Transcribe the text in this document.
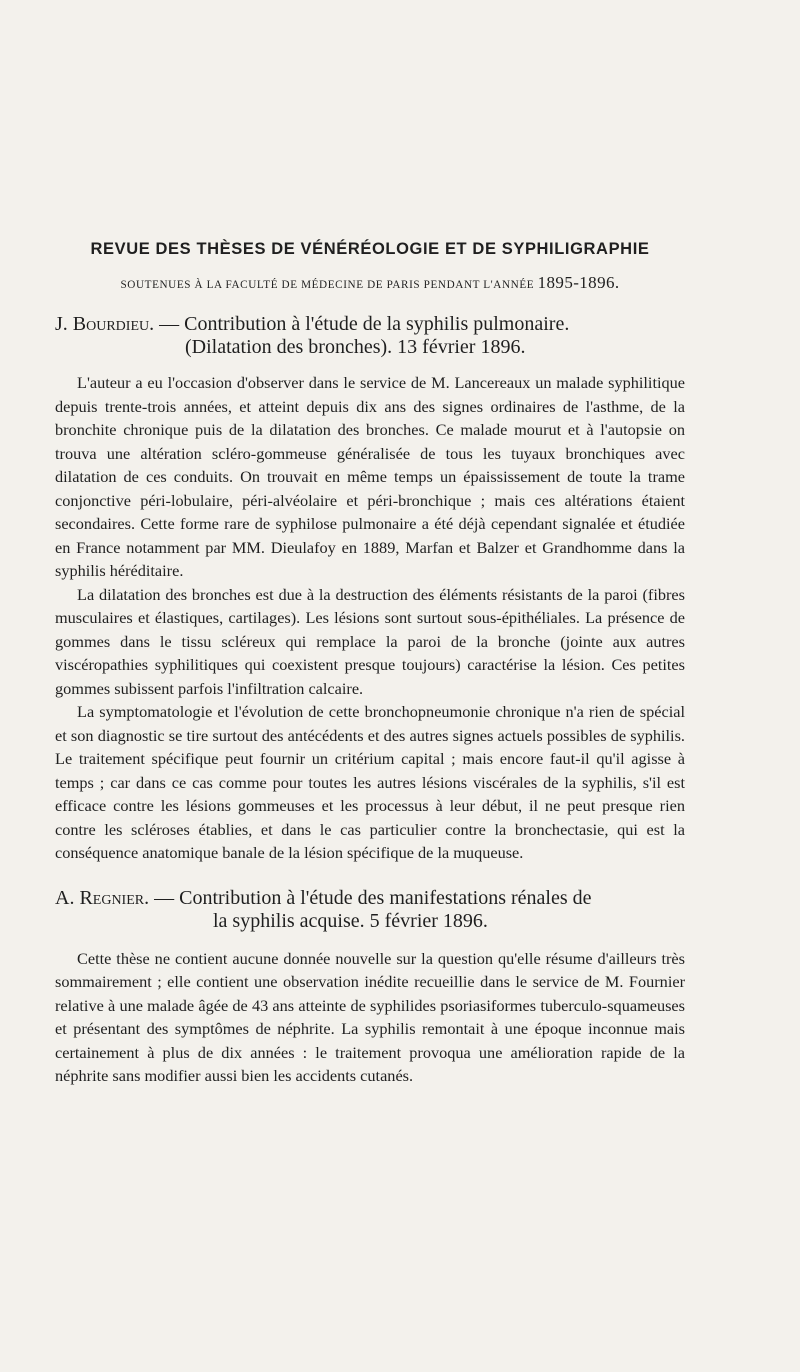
REVUE DES THÈSES DE VÉNÉRÉOLOGIE ET DE SYPHILIGRAPHIE
SOUTENUES À LA FACULTÉ DE MÉDECINE DE PARIS PENDANT L'ANNÉE 1895-1896.
J. Bourdieu. — Contribution à l'étude de la syphilis pulmonaire.
(Dilatation des bronches). 13 février 1896.

L'auteur a eu l'occasion d'observer dans le service de M. Lancereaux un malade syphilitique depuis trente-trois années, et atteint depuis dix ans des signes ordinaires de l'asthme, de la bronchite chronique puis de la dilatation des bronches. Ce malade mourut et à l'autopsie on trouva une altération scléro-gommeuse généralisée de tous les tuyaux bronchiques avec dilatation de ces conduits. On trouvait en même temps un épaississement de toute la trame conjonctive péri-lobulaire, péri-alvéolaire et péri-bronchique ; mais ces altérations étaient secondaires. Cette forme rare de syphilose pulmonaire a été déjà cependant signalée et étudiée en France notamment par MM. Dieulafoy en 1889, Marfan et Balzer et Grandhomme dans la syphilis héréditaire.

La dilatation des bronches est due à la destruction des éléments résistants de la paroi (fibres musculaires et élastiques, cartilages). Les lésions sont surtout sous-épithéliales. La présence de gommes dans le tissu scléreux qui remplace la paroi de la bronche (jointe aux autres viscéropathies syphilitiques qui coexistent presque toujours) caractérise la lésion. Ces petites gommes subissent parfois l'infiltration calcaire.

La symptomatologie et l'évolution de cette bronchopneumonie chronique n'a rien de spécial et son diagnostic se tire surtout des antécédents et des autres signes actuels possibles de syphilis. Le traitement spécifique peut fournir un critérium capital ; mais encore faut-il qu'il agisse à temps ; car dans ce cas comme pour toutes les autres lésions viscérales de la syphilis, s'il est efficace contre les lésions gommeuses et les processus à leur début, il ne peut presque rien contre les scléroses établies, et dans le cas particulier contre la bronchectasie, qui est la conséquence anatomique banale de la lésion spécifique de la muqueuse.

A. Regnier. — Contribution à l'étude des manifestations rénales de
la syphilis acquise. 5 février 1896.

Cette thèse ne contient aucune donnée nouvelle sur la question qu'elle résume d'ailleurs très sommairement ; elle contient une observation inédite recueillie dans le service de M. Fournier relative à une malade âgée de 43 ans atteinte de syphilides psoriasiformes tuberculo-squameuses et présentant des symptômes de néphrite. La syphilis remontait à une époque inconnue mais certainement à plus de dix années : le traitement provoqua une amélioration rapide de la néphrite sans modifier aussi bien les accidents cutanés.
